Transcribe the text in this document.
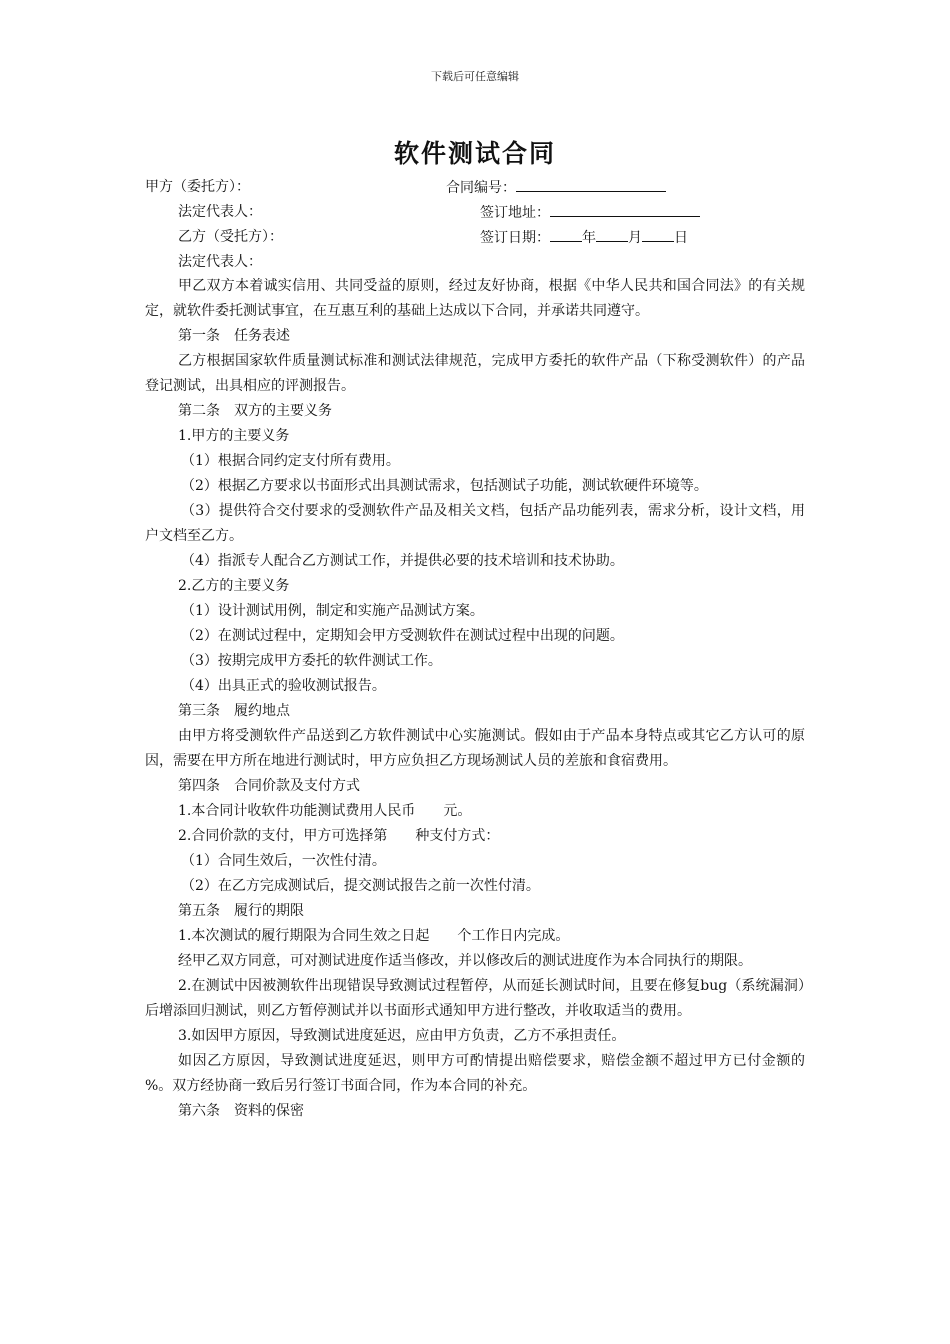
下载后可任意编辑
软件测试合同
甲方（委托方）：	合同编号：
法定代表人：	签订地址：
乙方（受托方）：	签订日期： 年 月 日
法定代表人：

甲乙双方本着诚实信用、共同受益的原则，经过友好协商，根据《中华人民共和国合同法》的有关规定，就软件委托测试事宜，在互惠互利的基础上达成以下合同，并承诺共同遵守。

第一条　任务表述

乙方根据国家软件质量测试标准和测试法律规范，完成甲方委托的软件产品（下称受测软件）的产品登记测试，出具相应的评测报告。

第二条　双方的主要义务

1.甲方的主要义务

（1）根据合同约定支付所有费用。

（2）根据乙方要求以书面形式出具测试需求，包括测试子功能，测试软硬件环境等。

（3）提供符合交付要求的受测软件产品及相关文档，包括产品功能列表，需求分析，设计文档，用户文档至乙方。

（4）指派专人配合乙方测试工作，并提供必要的技术培训和技术协助。

2.乙方的主要义务

（1）设计测试用例，制定和实施产品测试方案。

（2）在测试过程中，定期知会甲方受测软件在测试过程中出现的问题。

（3）按期完成甲方委托的软件测试工作。

（4）出具正式的验收测试报告。

第三条　履约地点

由甲方将受测软件产品送到乙方软件测试中心实施测试。假如由于产品本身特点或其它乙方认可的原因，需要在甲方所在地进行测试时，甲方应负担乙方现场测试人员的差旅和食宿费用。

第四条　合同价款及支付方式

1.本合同计收软件功能测试费用人民币　　元。

2.合同价款的支付，甲方可选择第　　种支付方式：

（1）合同生效后，一次性付清。

（2）在乙方完成测试后，提交测试报告之前一次性付清。

第五条　履行的期限

1.本次测试的履行期限为合同生效之日起　　个工作日内完成。

经甲乙双方同意，可对测试进度作适当修改，并以修改后的测试进度作为本合同执行的期限。

2.在测试中因被测软件出现错误导致测试过程暂停，从而延长测试时间，且要在修复bug（系统漏洞）后增添回归测试，则乙方暂停测试并以书面形式通知甲方进行整改，并收取适当的费用。

3.如因甲方原因，导致测试进度延迟，应由甲方负责，乙方不承担责任。

如因乙方原因，导致测试进度延迟，则甲方可酌情提出赔偿要求，赔偿金额不超过甲方已付金额的　　%。双方经协商一致后另行签订书面合同，作为本合同的补充。

第六条　资料的保密
